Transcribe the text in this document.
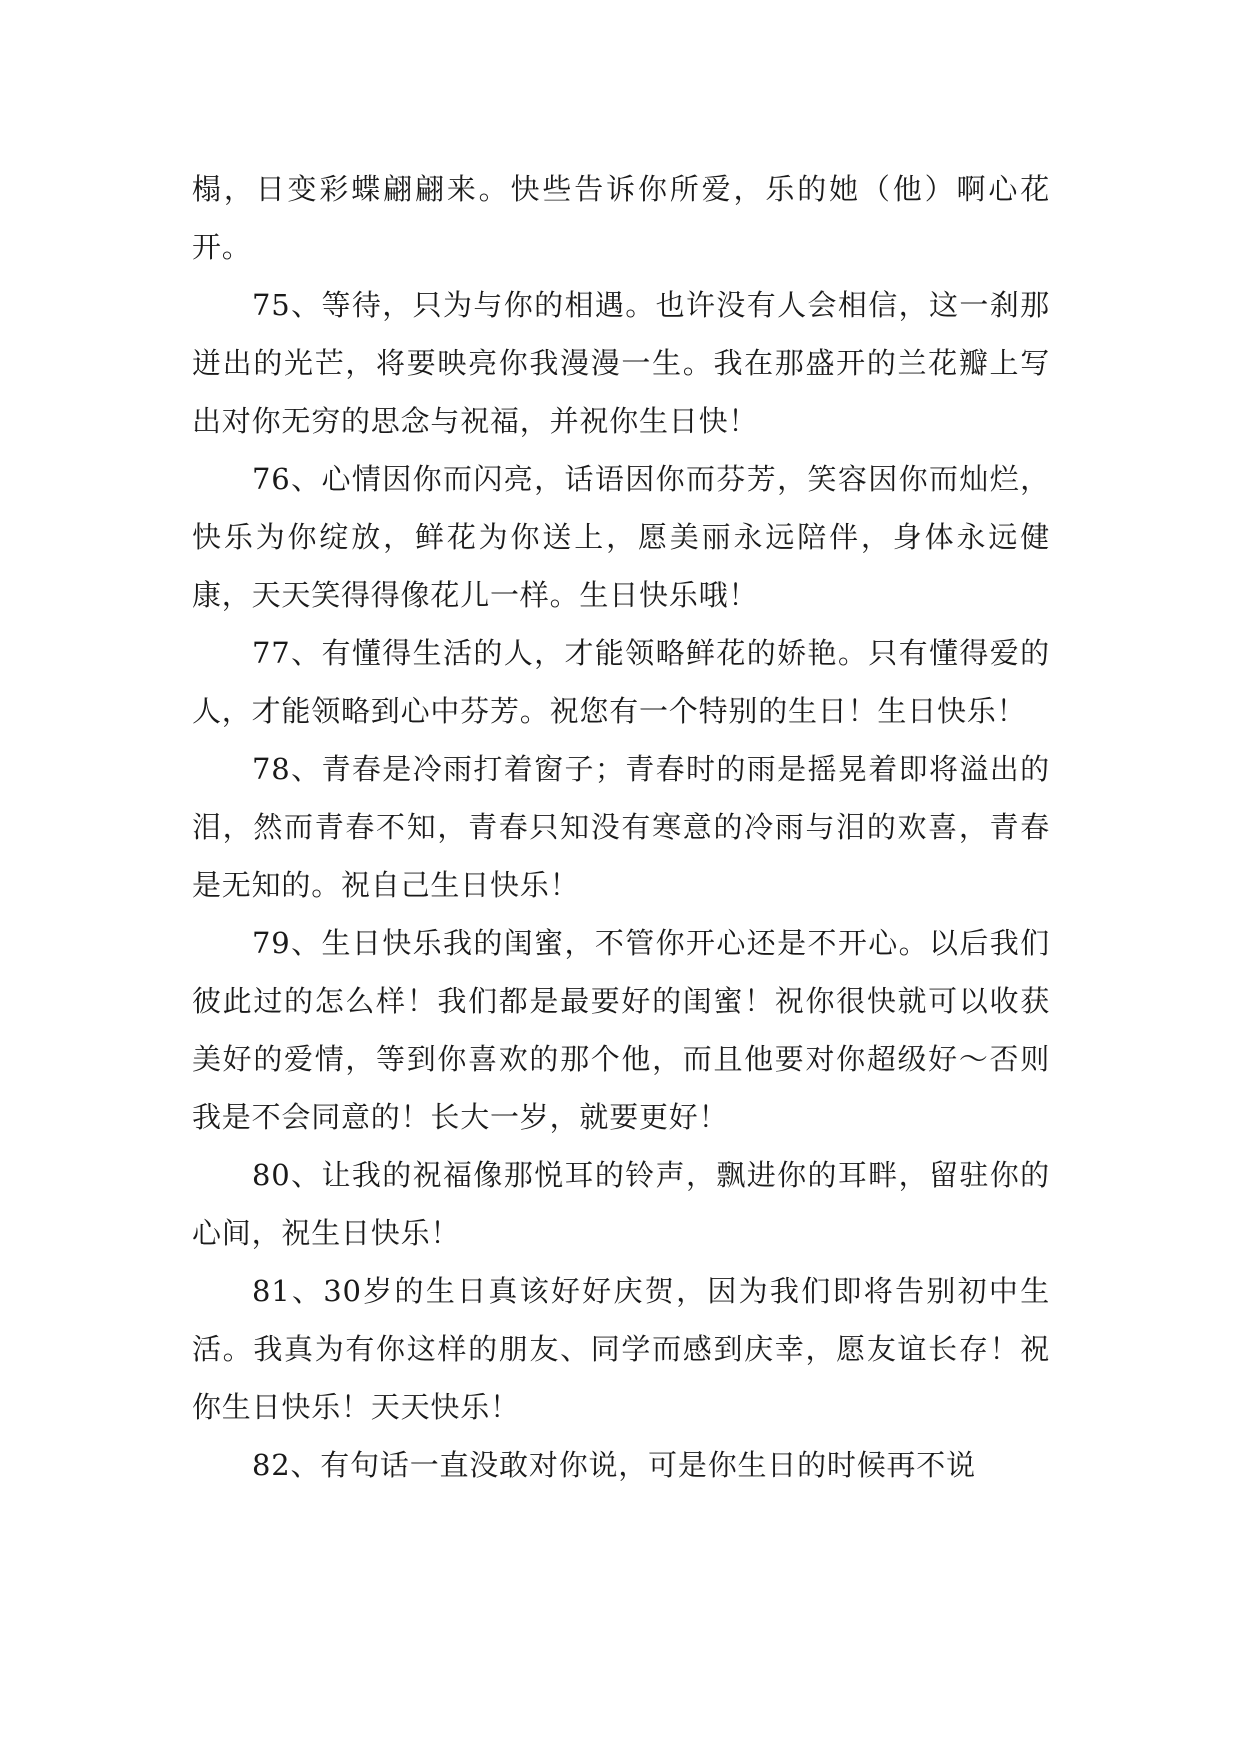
榻，日变彩蝶翩翩来。快些告诉你所爱，乐的她（他）啊心花开。

75、等待，只为与你的相遇。也许没有人会相信，这一刹那迸出的光芒，将要映亮你我漫漫一生。我在那盛开的兰花瓣上写出对你无穷的思念与祝福，并祝你生日快！

76、心情因你而闪亮，话语因你而芬芳，笑容因你而灿烂，快乐为你绽放，鲜花为你送上，愿美丽永远陪伴，身体永远健康，天天笑得得像花儿一样。生日快乐哦！

77、有懂得生活的人，才能领略鲜花的娇艳。只有懂得爱的人，才能领略到心中芬芳。祝您有一个特别的生日！生日快乐！

78、青春是冷雨打着窗子；青春时的雨是摇晃着即将溢出的泪，然而青春不知，青春只知没有寒意的冷雨与泪的欢喜，青春是无知的。祝自己生日快乐！

79、生日快乐我的闺蜜，不管你开心还是不开心。以后我们彼此过的怎么样！我们都是最要好的闺蜜！祝你很快就可以收获美好的爱情，等到你喜欢的那个他，而且他要对你超级好～否则我是不会同意的！长大一岁，就要更好！

80、让我的祝福像那悦耳的铃声，飘进你的耳畔，留驻你的心间，祝生日快乐！

81、30岁的生日真该好好庆贺，因为我们即将告别初中生活。我真为有你这样的朋友、同学而感到庆幸，愿友谊长存！祝你生日快乐！天天快乐！

82、有句话一直没敢对你说，可是你生日的时候再不说
